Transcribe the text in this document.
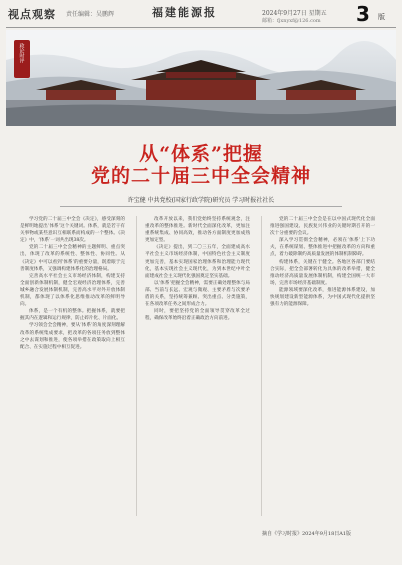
视点观察 责任编辑：吴鹏辉	福建能源报	2024年9月27日 星期五
邮箱：fjxnyxf@126.com 3 版
政论时评
从“体系”把握
党的二十届三中全会精神
许宝健 中共党校(国家行政学院)研究员 学习时报社社长

学习党的二十届三中全会《决定》，感受深刻的是鲜明地提出‘体系’这个关键词。体系，就是若干有关事物或某些意识互相联系而构成的一个整体。《决定》中，‘体系’一词共出现38次。

党的二十届三中全会精神的主题鲜明、重点突出，体现了改革的系统性、整体性、协同性。从《决定》中可以看到‘体系’的重要分量，既着眼于完善制度体系，又强调构建体系化的治理格局。

完善高水平社会主义市场经济体制，构建支持全面创新体制机制，健全宏观经济治理体系，完善城乡融合发展体制机制，完善高水平对外开放体制机制，都体现了以体系化思维推动改革的鲜明导向。

体系，是一个有机的整体。把握体系，就要把握其内在逻辑和运行规律，防止碎片化、片面化。

学习领会全会精神，要从‘体系’的角度深刻理解改革的系统集成要求，把改革的各项任务放到整体之中去谋划和推进，使各项举措在政策取向上相互配合、在实施过程中相互促进。

改革开放以来，我们党始终坚持系统观念，注重改革的整体推进。新时代全面深化改革，更加注重系统集成、协同高效，推动各方面制度更加成熟更加定型。

《决定》提出，到二〇三五年，全面建成高水平社会主义市场经济体制，中国特色社会主义制度更加完善，基本实现国家治理体系和治理能力现代化，基本实现社会主义现代化，为到本世纪中叶全面建成社会主义现代化强国奠定坚实基础。

以‘体系’把握全会精神，需要正确处理整体与局部、当前与长远、宏观与微观、主要矛盾与次要矛盾的关系，坚持统筹兼顾、突出重点、分类施策，在各项改革任务之间形成合力。

同时，要把坚持党的全面领导贯穿改革全过程，确保改革始终沿着正确政治方向前进。

党的二十届三中全会是在以中国式现代化全面推进强国建设、民族复兴伟业的关键时期召开的一次十分重要的会议。

深入学习贯彻全会精神，必须在‘体系’上下功夫，在系统谋划、整体推进中把握改革的方向和重点，着力破除制约高质量发展的体制机制障碍。

构建体系，关键在于健全。各地区各部门要结合实际，把全会部署转化为具体的改革举措，健全推动经济高质量发展体制机制，构建全国统一大市场，完善市场经济基础制度。

能源领域要深化改革，推进能源体系建设，加快规划建设新型能源体系，为中国式现代化提供坚强有力的能源保障。

摘自《学习时报》2024年9月18日A1版
